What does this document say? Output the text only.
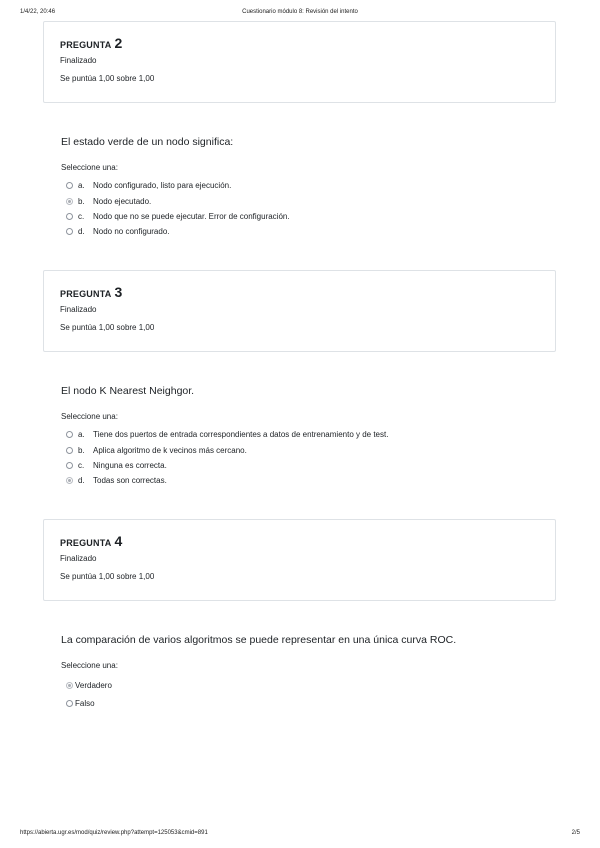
1/4/22, 20:46	Cuestionario módulo 8: Revisión del intento
PREGUNTA 2
Finalizado
Se puntúa 1,00 sobre 1,00
El estado verde de un nodo significa:
Seleccione una:
a.	Nodo configurado, listo para ejecución.
b.	Nodo ejecutado.
c.	Nodo que no se puede ejecutar. Error de configuración.
d.	Nodo no configurado.
PREGUNTA 3
Finalizado
Se puntúa 1,00 sobre 1,00
El nodo K Nearest Neighgor.
Seleccione una:
a.	Tiene dos puertos de entrada correspondientes a datos de entrenamiento y de test.
b.	Aplica algoritmo de k vecinos más cercano.
c.	Ninguna es correcta.
d.	Todas son correctas.
PREGUNTA 4
Finalizado
Se puntúa 1,00 sobre 1,00
La comparación de varios algoritmos se puede representar en una única curva ROC.
Seleccione una:
Verdadero
Falso
https://abierta.ugr.es/mod/quiz/review.php?attempt=125053&cmid=891	2/5
